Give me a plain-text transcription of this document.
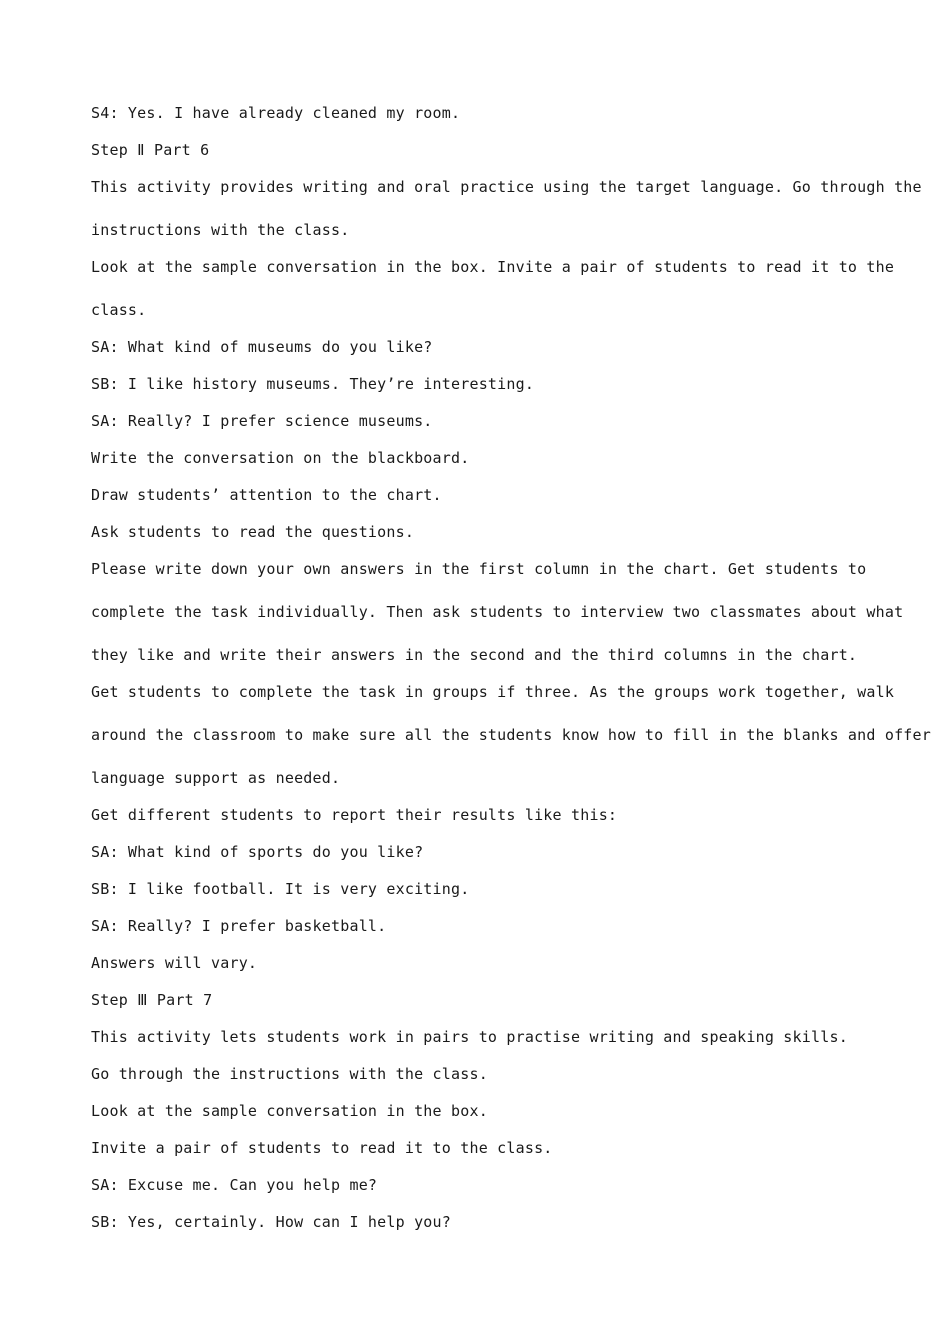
S4: Yes. I have already cleaned my room.
Step Ⅱ Part 6
This activity provides writing and oral practice using the target language. Go through the
instructions with the class.
Look at the sample conversation in the box. Invite a pair of students to read it to the
class.
SA: What kind of museums do you like?
SB: I like history museums. They’re interesting.
SA: Really? I prefer science museums.
Write the conversation on the blackboard.
Draw students’ attention to the chart.
Ask students to read the questions.
Please write down your own answers in the first column in the chart. Get students to
complete the task individually. Then ask students to interview two classmates about what
they like and write their answers in the second and the third columns in the chart.
Get students to complete the task in groups if three. As the groups work together, walk
around the classroom to make sure all the students know how to fill in the blanks and offer
language support as needed.
Get different students to report their results like this:
SA: What kind of sports do you like?
SB: I like football. It is very exciting.
SA: Really? I prefer basketball.
Answers will vary.
Step Ⅲ Part 7
This activity lets students work in pairs to practise writing and speaking skills.
Go through the instructions with the class.
Look at the sample conversation in the box.
Invite a pair of students to read it to the class.
SA: Excuse me. Can you help me?
SB: Yes, certainly. How can I help you?
